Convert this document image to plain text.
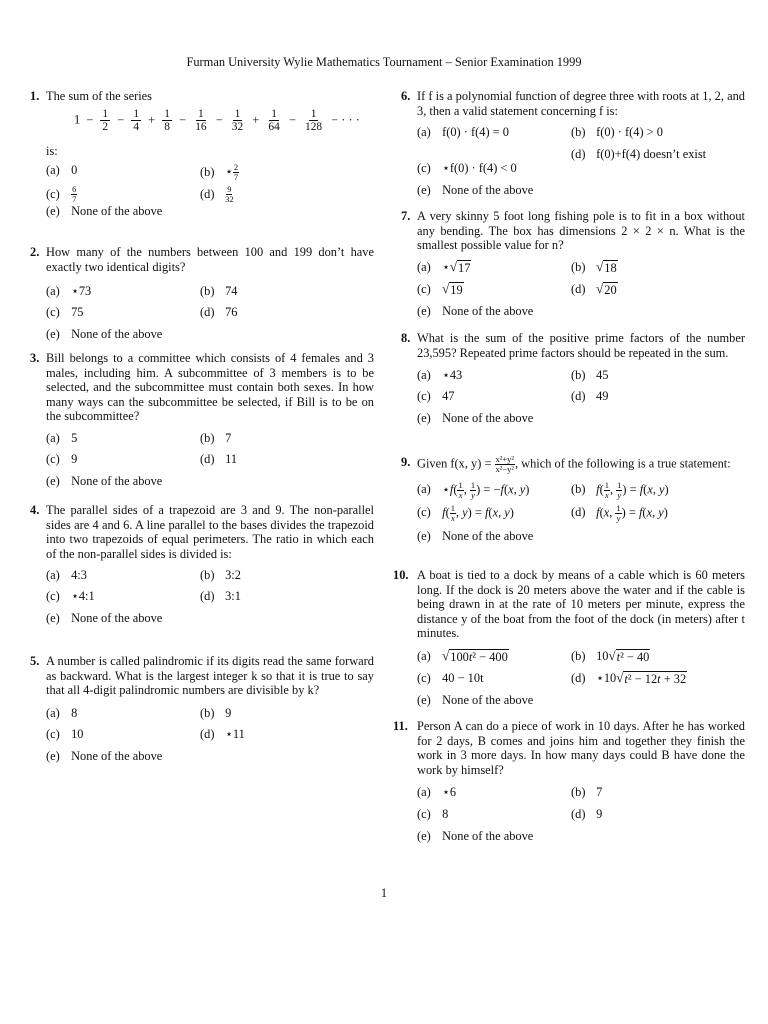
Furman University Wylie Mathematics Tournament – Senior Examination 1999
1. The sum of the series
$1 - \frac{1}{2} - \frac{1}{4} + \frac{1}{8} - \frac{1}{16} - \frac{1}{32} + \frac{1}{64} - \frac{1}{128}$ − · · ·
is:
(a) 0	(b) ⋆ $\frac{2}{7}$
$(c) \frac{6}{7}$	$(d) \frac{9}{32}$
(e) None of the above
2. How many of the numbers between 100 and 199 don’t have exactly two identical digits?
(a) ⋆73	(b) 74
(c) 75	(d) 76
(e) None of the above
3. Bill belongs to a committee which consists of 4 females and 3 males, including him. A subcommittee of 3 members is to be selected, and the subcommittee must contain both sexes. In how many ways can the subcommittee be selected, if Bill is to be on the subcommittee?
(a) 5	(b) 7
(c) 9	(d) 11
(e) None of the above
4. The parallel sides of a trapezoid are 3 and 9. The non-parallel sides are 4 and 6. A line parallel to the bases divides the trapezoid into two trapezoids of equal perimeters. The ratio in which each of the non-parallel sides is divided is:
(a) 4:3	(b) 3:2
(c) ⋆4:1	(d) 3:1
(e) None of the above
5. A number is called palindromic if its digits read the same forward as backward. What is the largest integer k so that it is true to say that all 4-digit palindromic numbers are divisible by k?
(a) 8	(b) 9
(c) 10	(d) ⋆11
(e) None of the above
6. If f is a polynomial function of degree three with roots at 1, 2, and 3, then a valid statement concerning f is:
(a) f(0) · f(4) = 0	(b) f(0) · f(4) > 0
(c) ⋆f(0) · f(4) < 0
(d) f(0)+f(4) doesn’t exist
(e) None of the above
7. A very skinny 5 foot long fishing pole is to fit in a box without any bending. The box has dimensions 2 × 2 × n. What is the smallest possible value for n?
(a) ⋆ √ 17	(b) √ 18
(c) √ 19	(d) √ 20
(e) None of the above
8. What is the sum of the positive prime factors of the number 23,595? Repeated prime factors should be repeated in the sum.
(a) ⋆43	(b) 45
(c) 47	(d) 49
(e) None of the above
9. Given f(x, $y) = \frac{\text{x²+y²}}{\text{x²−y²}}$ , which of the following is a true statement:
(a) ⋆f( $\frac{1}{x}$ , $\frac{1}{y}$ ) = −f(x, y)	(b) $f( \frac{1}{x}$ , $\frac{1}{y}$ ) = f(x, y)
(c) $f( \frac{1}{x}$ , y) = f(x, y)	(d) f(x, $\frac{1}{y}$ ) = f(x, y)
(e) None of the above
10. A boat is tied to a dock by means of a cable which is 60 meters long. If the dock is 20 meters above the water and if the cable is being drawn in at the rate of 10 meters per minute, express the distance y of the boat from the foot of the dock (in meters) after t minutes.
(a) √ 100t² − 400	(b) 10 √ t² − 40
(c) 40 − 10t	(d) ⋆10 √ t² − 12t + 32
(e) None of the above
11. Person A can do a piece of work in 10 days. After he has worked for 2 days, B comes and joins him and together they finish the work in 3 more days. In how many days could B have done the work by himself?
(a) ⋆6	(b) 7
(c) 8	(d) 9
(e) None of the above
1
